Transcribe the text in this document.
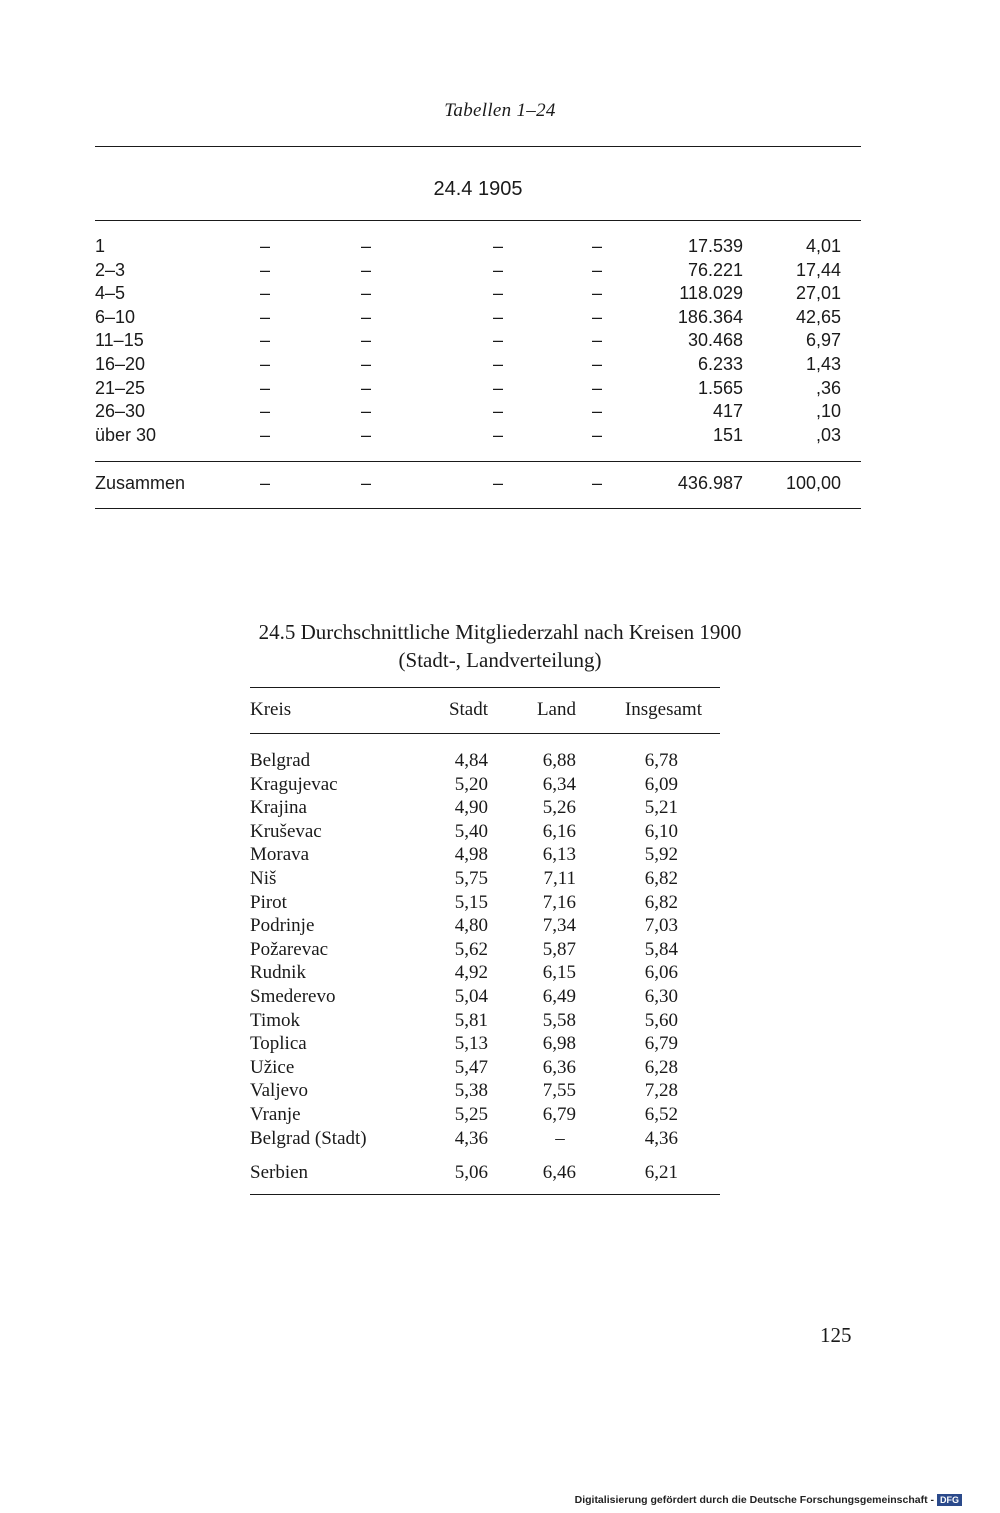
Tabellen 1–24
24.4 1905
1	–	–	–	–	17.539	4,01
2–3	–	–	–	–	76.221	17,44
4–5	–	–	–	–	118.029	27,01
6–10	–	–	–	–	186.364	42,65
11–15	–	–	–	–	30.468	6,97
16–20	–	–	–	–	6.233	1,43
21–25	–	–	–	–	1.565	,36
26–30	–	–	–	–	417	,10
über 30	–	–	–	–	151	,03
Zusammen	–	–	–	–	436.987 100,00
24.5 Durchschnittliche Mitgliederzahl nach Kreisen 1900
(Stadt-, Landverteilung)
Kreis	Stadt	Land	Insgesamt
Belgrad	4,84	6,88	6,78
Kragujevac	5,20	6,34	6,09
Krajina	4,90	5,26	5,21
Kruševac	5,40	6,16	6,10
Morava	4,98	6,13	5,92
Niš	5,75	7,11	6,82
Pirot	5,15	7,16	6,82
Podrinje	4,80	7,34	7,03
Požarevac	5,62	5,87	5,84
Rudnik	4,92	6,15	6,06
Smederevo	5,04	6,49	6,30
Timok	5,81	5,58	5,60
Toplica	5,13	6,98	6,79
Užice	5,47	6,36	6,28
Valjevo	5,38	7,55	7,28
Vranje	5,25	6,79	6,52
Belgrad (Stadt)	4,36	–	4,36
Serbien	5,06	6,46	6,21
125
Digitalisierung gefördert durch die Deutsche Forschungsgemeinschaft - DFG
